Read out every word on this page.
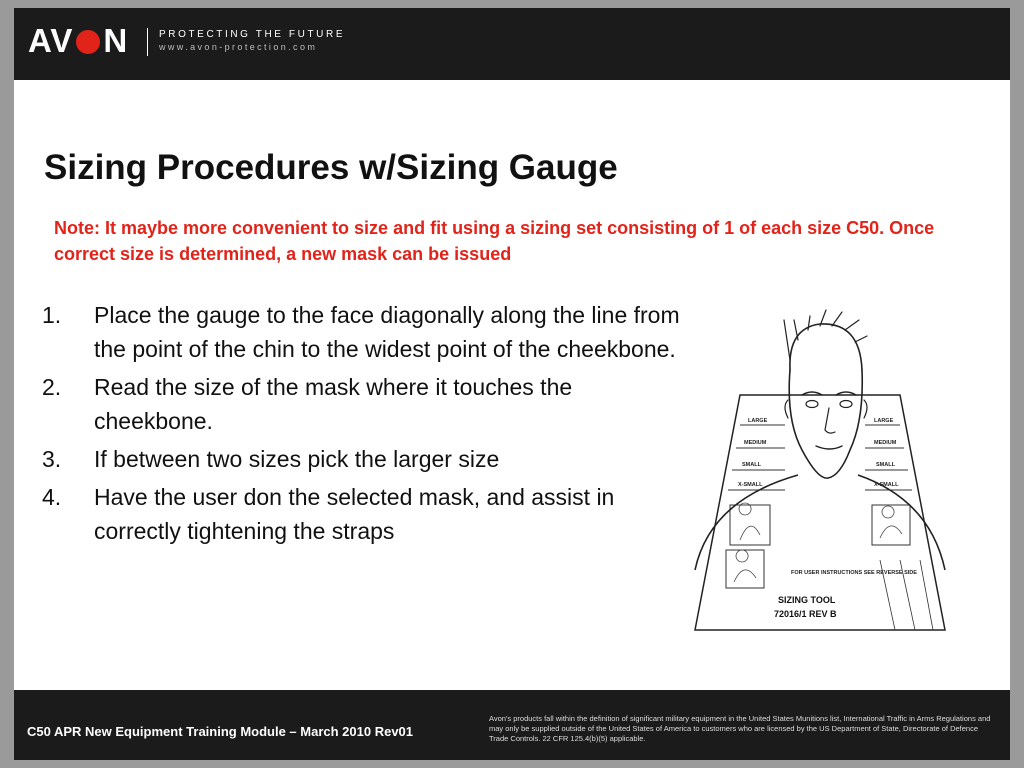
AV N	PROTECTING THE FUTURE
www.avon-protection.com
Sizing Procedures w/Sizing Gauge
Note: It maybe more convenient to size and fit using a sizing set consisting of 1 of each size C50. Once correct size is determined, a new mask can be issued
1.	Place the gauge to the face diagonally along the line from the point of the chin to the widest point of the cheekbone.
2.	Read the size of the mask where it touches the cheekbone.
3.	If between two sizes pick the larger size
4.	Have the user don the selected mask, and assist in correctly tightening the straps
LARGE
MEDIUM
SMALL
X-SMALL
LARGE
MEDIUM
SMALL
X-SMALL
FOR USER INSTRUCTIONS SEE REVERSE SIDE
SIZING TOOL
72016/1 REV B
C50 APR New Equipment Training Module – March 2010 Rev01
Avon's products fall within the definition of significant military equipment in the United States Munitions list, International Traffic in Arms Regulations and may only be supplied outside of the United States of America to customers who are licensed by the US Department of State, Directorate of Defence Trade Controls. 22 CFR 125.4(b)(5) applicable.
